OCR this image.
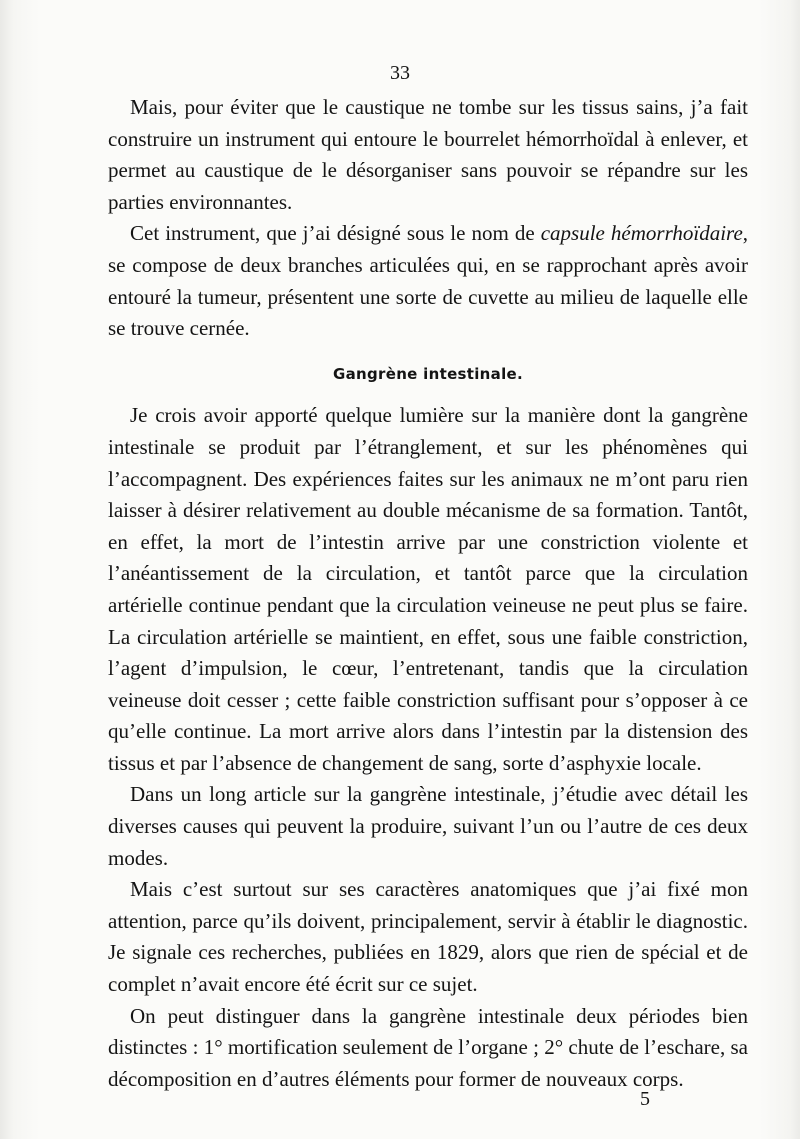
33

Mais, pour éviter que le caustique ne tombe sur les tissus sains, j’a fait construire un instrument qui entoure le bourrelet hémorrhoïdal à enlever, et permet au caustique de le désorganiser sans pouvoir se répandre sur les parties environnantes.

Cet instrument, que j’ai désigné sous le nom de capsule hémorrhoïdaire, se compose de deux branches articulées qui, en se rapprochant après avoir entouré la tumeur, présentent une sorte de cuvette au milieu de laquelle elle se trouve cernée.

Gangrène intestinale.

Je crois avoir apporté quelque lumière sur la manière dont la gangrène intestinale se produit par l’étranglement, et sur les phénomènes qui l’accompagnent. Des expériences faites sur les animaux ne m’ont paru rien laisser à désirer relativement au double mécanisme de sa formation. Tantôt, en effet, la mort de l’intestin arrive par une constriction violente et l’anéantissement de la circulation, et tantôt parce que la circulation artérielle continue pendant que la circulation veineuse ne peut plus se faire. La circulation artérielle se maintient, en effet, sous une faible constriction, l’agent d’impulsion, le cœur, l’entretenant, tandis que la circulation veineuse doit cesser ; cette faible constriction suffisant pour s’opposer à ce qu’elle continue. La mort arrive alors dans l’intestin par la distension des tissus et par l’absence de changement de sang, sorte d’asphyxie locale.

Dans un long article sur la gangrène intestinale, j’étudie avec détail les diverses causes qui peuvent la produire, suivant l’un ou l’autre de ces deux modes.

Mais c’est surtout sur ses caractères anatomiques que j’ai fixé mon attention, parce qu’ils doivent, principalement, servir à établir le diagnostic. Je signale ces recherches, publiées en 1829, alors que rien de spécial et de complet n’avait encore été écrit sur ce sujet.

On peut distinguer dans la gangrène intestinale deux périodes bien distinctes : 1° mortification seulement de l’organe ; 2° chute de l’eschare, sa décomposition en d’autres éléments pour former de nouveaux corps.

5
